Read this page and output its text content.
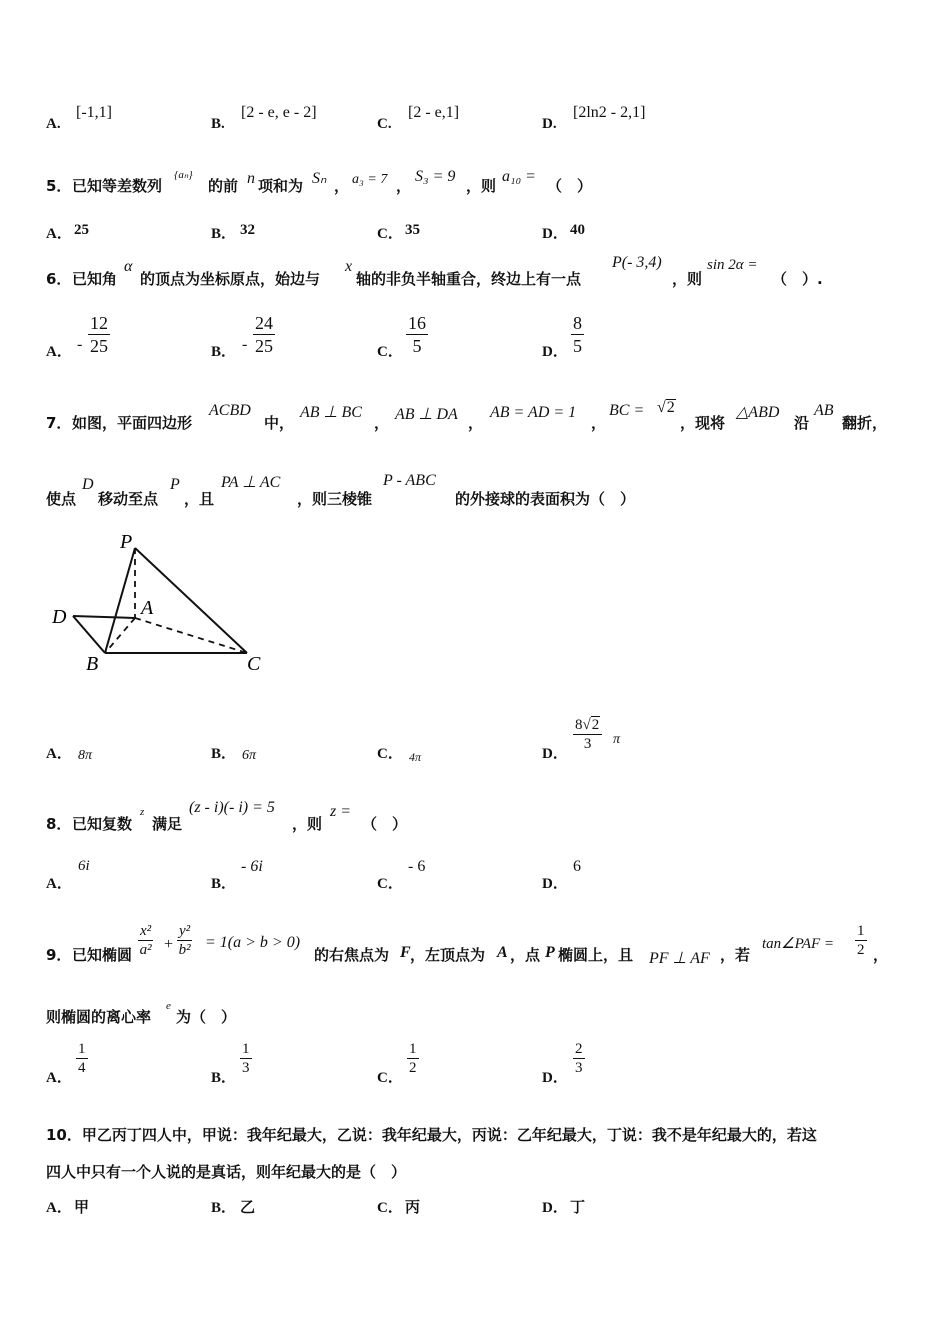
A.
[-1,1]
B.
[2 - e, e - 2]
C.
[2 - e,1]
D.
[2ln2 - 2,1]
5． 已知等差数列
{aₙ}
的前 n 项和为 Sₙ ， a₃ = 7 ，
S₃ = 9
，则
a₁₀ =
（　）
A． 25	B． 32	C． 35	D． 40
6． 已知角
α
的顶点为坐标原点，始边与
x
轴的非负半轴重合，终边上有一点
P(- 3,4)
，则
sin 2α =
（　）.
A． - $\frac{12}{25}$	B． - $\frac{24}{25}$	C． $\frac{16}{5}$	D． $\frac{8}{5}$
7． 如图，平面四边形
ACBD
中，
AB ⊥ BC
， AB ⊥ DA ，
AB = AD = 1
，
BC = √2
，现将
△ABD
沿
AB
翻折，
使点
D
移动至点
P
，且
PA ⊥ AC
，则三棱锥
P - ABC
的外接球的表面积为（　）
P
A
D
B	C
A． 8π	B． 6π	C． 4π	D．
$\frac{8√2}{3}$ π
8． 已知复数
z
满足
(z - i)(- i) = 5
，则
z =
（　）
A．
6i
B．
- 6i
C．
- 6
D．
6
9． 已知椭圆 $\frac{\text{x²}}{\text{a²}} + \frac{\text{y²}}{\text{b²}} = 1(a > b > 0)$
的右焦点为 F ，左顶点为 A ，点 P 椭圆上，且 PF ⊥ AF ，若
tan∠PAF = $\frac{1}{2}$ ，
则椭圆的离心率
e
为（　）
A．
$\frac{1}{4}$
B．
$\frac{1}{3}$
C．
$\frac{1}{2}$
D．
$\frac{2}{3}$
10．甲乙丙丁四人中，甲说：我年纪最大，乙说：我年纪最大，丙说：乙年纪最大，丁说：我不是年纪最大的，若这
四人中只有一个人说的是真话，则年纪最大的是（　）
A． 甲	B． 乙	C． 丙	D． 丁
